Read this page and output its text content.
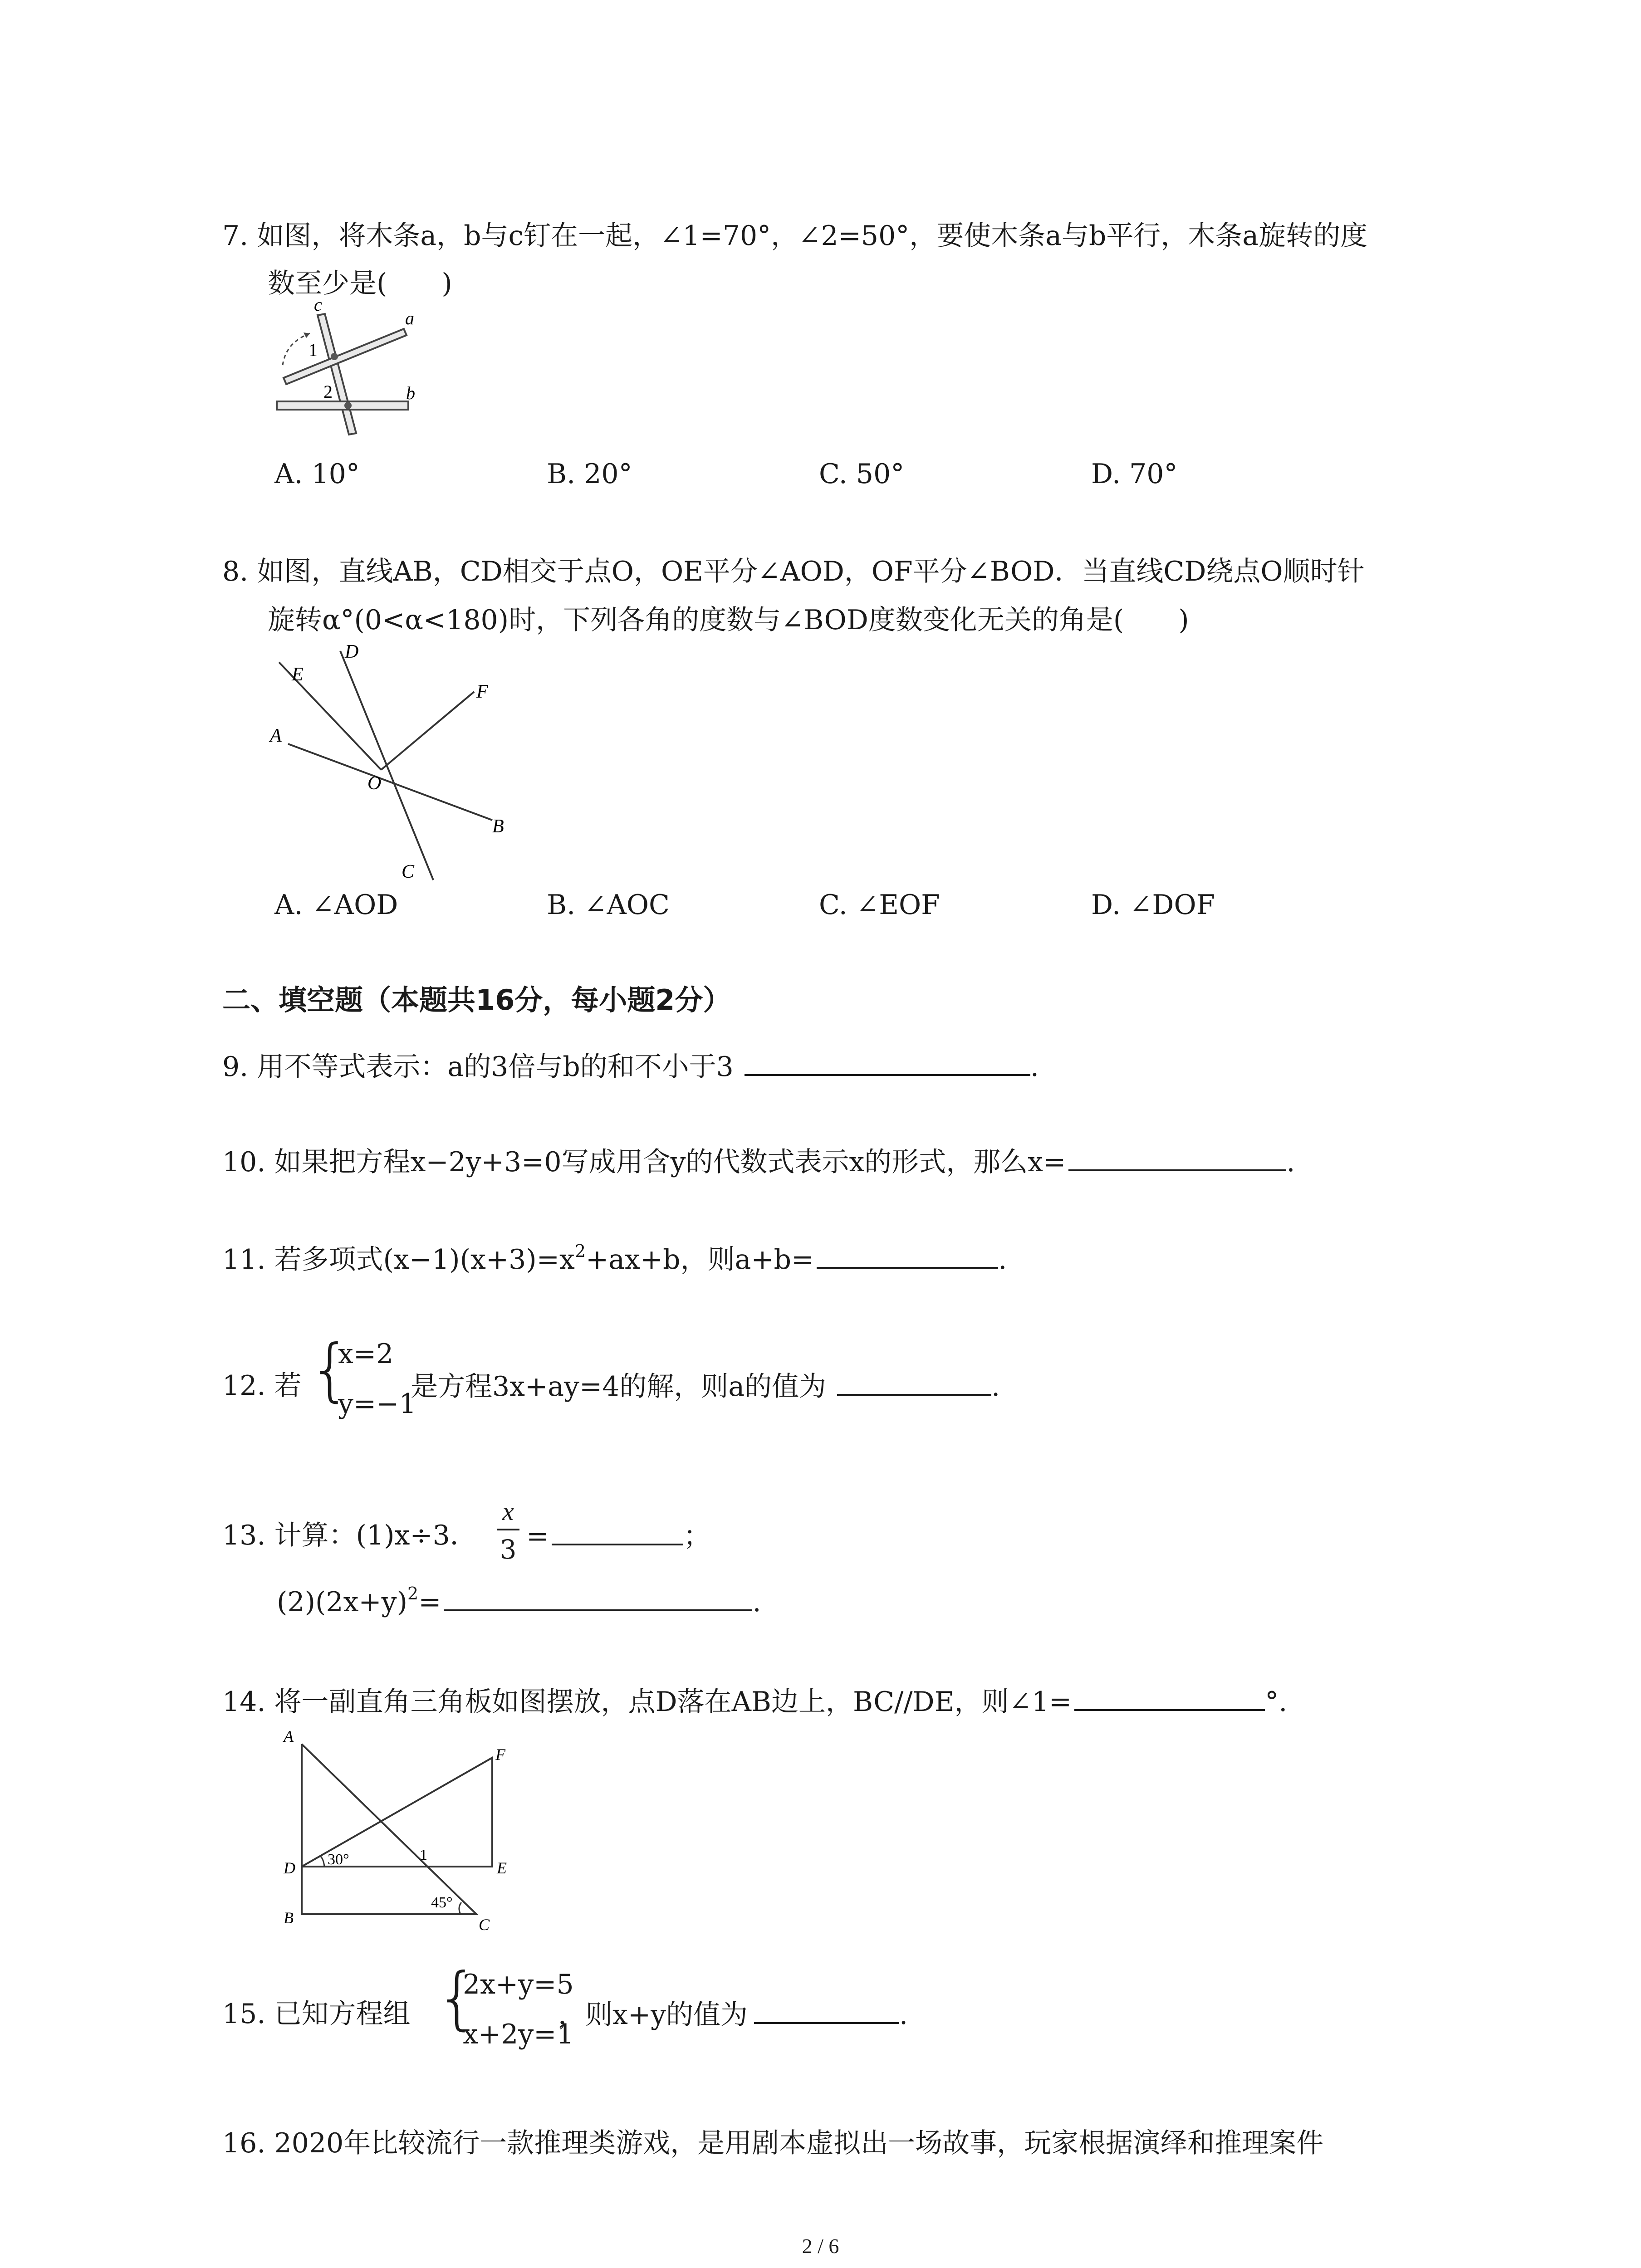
7. 如图，将木条a，b与c钉在一起，∠1=70°，∠2=50°，要使木条a与b平行，木条a旋转的度
数至少是(　　)
c
a
b
1
2
A. 10°	B. 20°	C. 50°	D. 70°
8. 如图，直线AB，CD相交于点O，OE平分∠AOD，OF平分∠BOD．当直线CD绕点O顺时针
旋转α°(0<α<180)时，下列各角的度数与∠BOD度数变化无关的角是(　　)
A
B
C
D
E
F
O
A. ∠AOD	B. ∠AOC	C. ∠EOF	D. ∠DOF
二、填空题（本题共16分，每小题2分）
9. 用不等式表示：a的3倍与b的和不小于3	.
10. 如果把方程x−2y+3=0写成用含y的代数式表示x的形式，那么x=	.
11. 若多项式$(x-1)(x+3)=x^2+ax+b$，则a+b=	.
12. 若 {
x=2
y=−1
是方程3x+ay=4的解，则a的值为	.
13. 计算：(1)x÷3．
x
3 =	；
$(2)(2x+y)^2=$	.
14. 将一副直角三角板如图摆放，点D落在AB边上，BC//DE，则∠1=	°.
A
B	C
D	E
F
30°
45°
1
15. 已知方程组 {
2x+y=5
x+2y=1
，则x+y的值为	.
16. 2020年比较流行一款推理类游戏，是用剧本虚拟出一场故事，玩家根据演绎和推理案件
2 / 6
